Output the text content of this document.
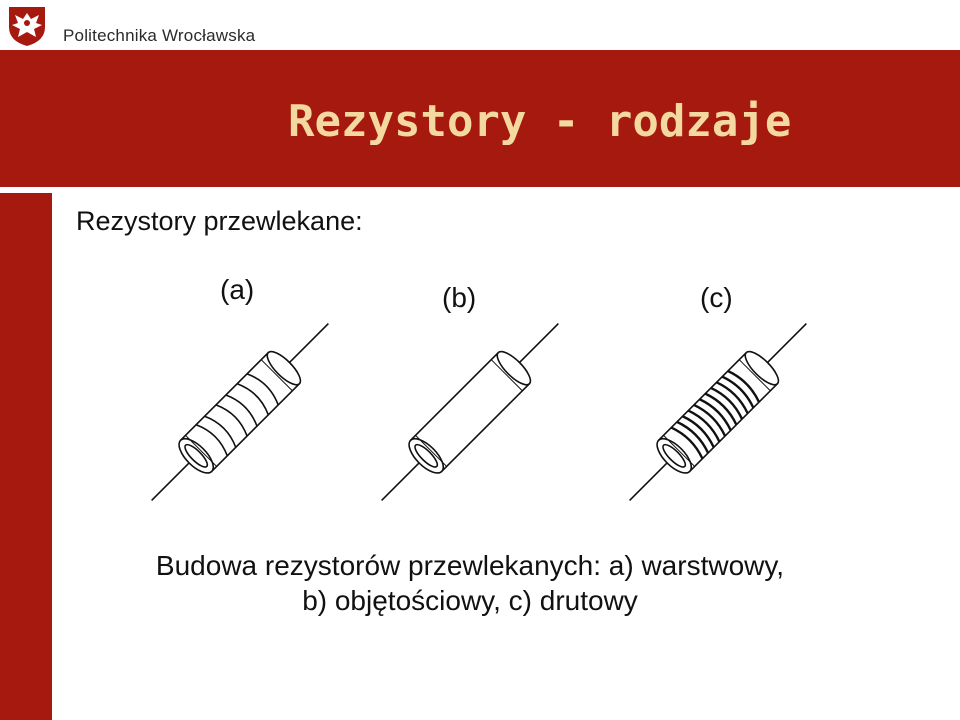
Politechnika Wrocławska
Rezystory - rodzaje
Rezystory przewlekane:
(a)	(b)	(c)
Budowa rezystorów przewlekanych: a) warstwowy,
b) objętościowy, c) drutowy
